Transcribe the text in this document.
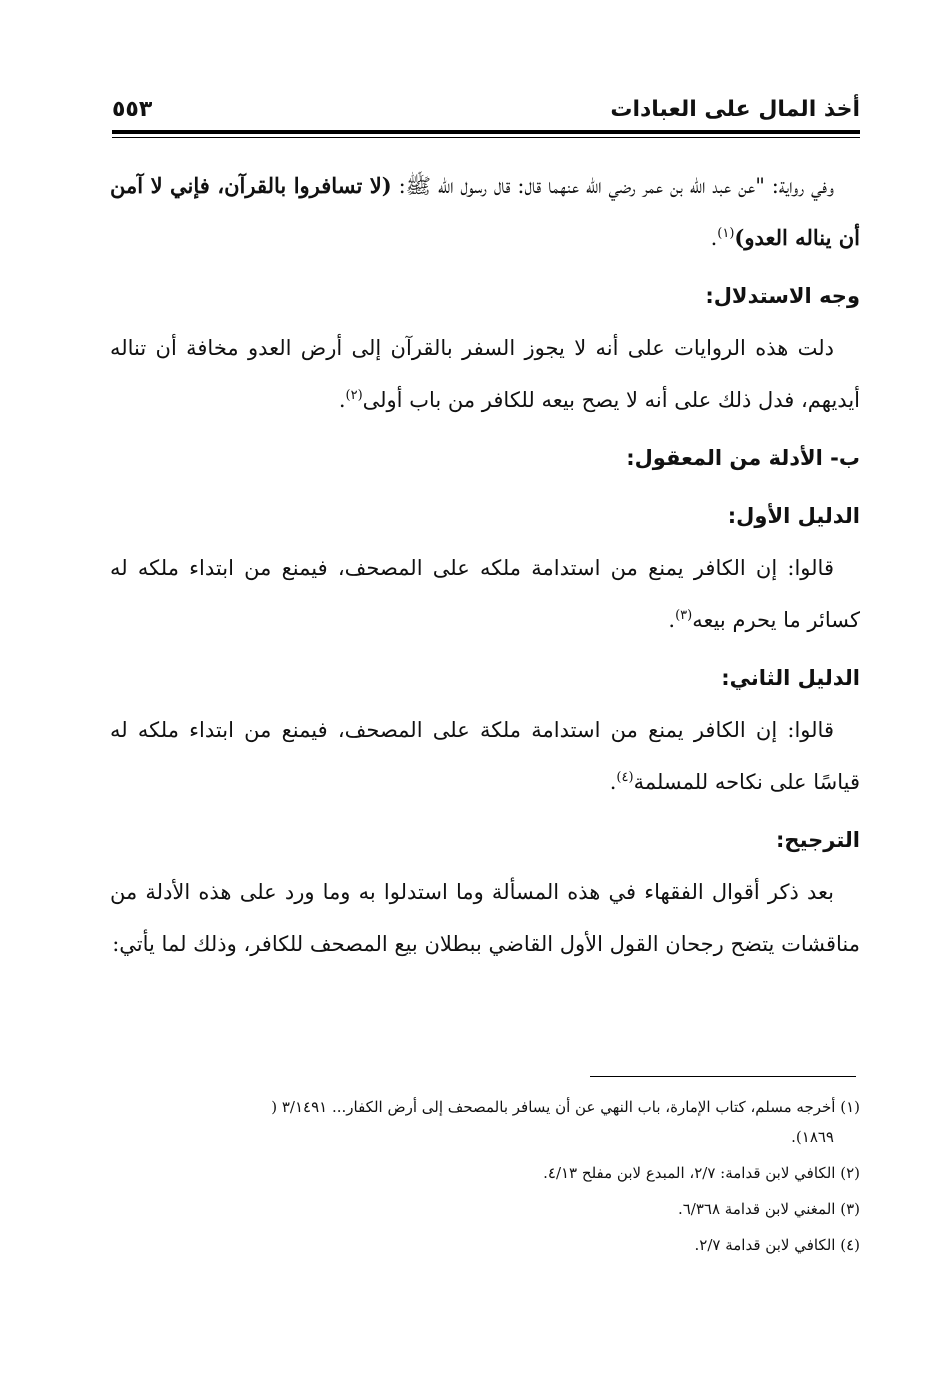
أخذ المال على العبادات
٥٥٣

وفي رواية: "عن عبد الله بن عمر رضي الله عنهما قال: قال رسول الله ﷺ: (لا تسافروا بالقرآن، فإني لا آمن أن يناله العدو)$^{(١)}$.

وجه الاستدلال:

دلت هذه الروايات على أنه لا يجوز السفر بالقرآن إلى أرض العدو مخافة أن تناله أيديهم، فدل ذلك على أنه لا يصح بيعه للكافر من باب أولى$^{(٢)}$.

ب- الأدلة من المعقول:

الدليل الأول:

قالوا: إن الكافر يمنع من استدامة ملكه على المصحف، فيمنع من ابتداء ملكه له كسائر ما يحرم بيعه$^{(٣)}$.

الدليل الثاني:

قالوا: إن الكافر يمنع من استدامة ملكة على المصحف، فيمنع من ابتداء ملكه له قياسًا على نكاحه للمسلمة$^{(٤)}$.

الترجيح:

بعد ذكر أقوال الفقهاء في هذه المسألة وما استدلوا به وما ورد على هذه الأدلة من مناقشات يتضح رجحان القول الأول القاضي ببطلان بيع المصحف للكافر، وذلك لما يأتي:

(١) أخرجه مسلم، كتاب الإمارة، باب النهي عن أن يسافر بالمصحف إلى أرض الكفار... ٣/١٤٩١ (

١٨٦٩).

(٢) الكافي لابن قدامة: ٢/٧، المبدع لابن مفلح ٤/١٣.

(٣) المغني لابن قدامة ٦/٣٦٨.

(٤) الكافي لابن قدامة ٢/٧.
